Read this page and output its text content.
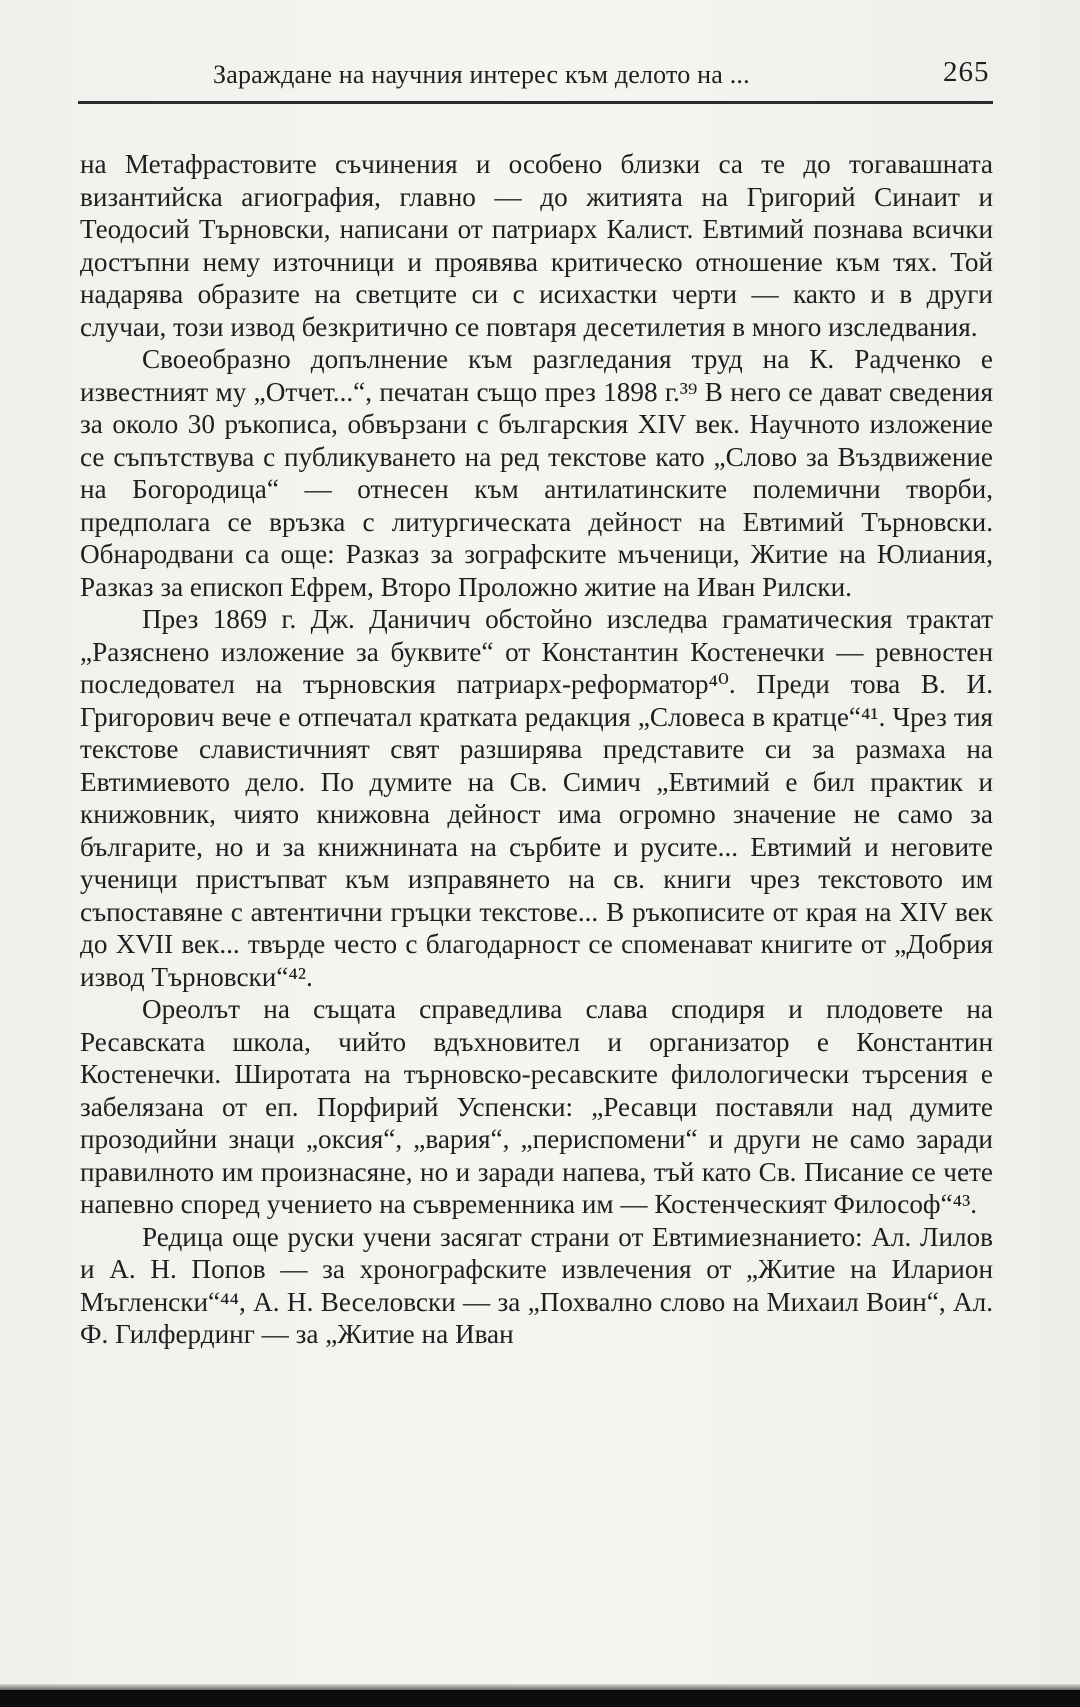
Зараждане на научния интерес към делото на ...	265

на Метафрастовите съчинения и особено близки са те до тогавашната византийска агиография, главно — до житията на Григорий Синаит и Теодосий Търновски, написани от патриарх Калист. Евтимий познава всички достъпни нему източници и проявява критическо отношение към тях. Той надарява образите на светците си с исихастки черти — както и в други случаи, този извод безкритично се повтаря десетилетия в много изследвания.

Своеобразно допълнение към разгледания труд на К. Радченко е известният му „Отчет...“, печатан също през 1898 г.³⁹ В него се дават сведения за около 30 ръкописа, обвързани с българския XIV век. Научното изложение се съпътствува с публикуването на ред текстове като „Слово за Въздвижение на Богородица“ — отнесен към антилатинските полемични творби, предполага се връзка с литургическата дейност на Евтимий Търновски. Обнародвани са още: Разказ за зографските мъченици, Житие на Юлиания, Разказ за епископ Ефрем, Второ Проложно житие на Иван Рилски.

През 1869 г. Дж. Даничич обстойно изследва граматическия трактат „Разяснено изложение за буквите“ от Константин Костенечки — ревностен последовател на търновския патриарх-реформатор⁴⁰. Преди това В. И. Григорович вече е отпечатал кратката редакция „Словеса в кратце“⁴¹. Чрез тия текстове славистичният свят разширява представите си за размаха на Евтимиевото дело. По думите на Св. Симич „Евтимий е бил практик и книжовник, чиято книжовна дейност има огромно значение не само за българите, но и за книжнината на сърбите и русите... Евтимий и неговите ученици пристъпват към изправянето на св. книги чрез текстовото им съпоставяне с автентични гръцки текстове... В ръкописите от края на XIV век до XVII век... твърде често с благодарност се споменават книгите от „Добрия извод Търновски“⁴².

Ореолът на същата справедлива слава сподиря и плодовете на Ресавската школа, чийто вдъхновител и организатор е Константин Костенечки. Широтата на търновско-ресавските филологически търсения е забелязана от еп. Порфирий Успенски: „Ресавци поставяли над думите прозодийни знаци „оксия“, „вария“, „периспомени“ и други не само заради правилното им произнасяне, но и заради напева, тъй като Св. Писание се чете напевно според учението на съвременника им — Костенческият Философ“⁴³.

Редица още руски учени засягат страни от Евтимиезнанието: Ал. Лилов и А. Н. Попов — за хронографските извлечения от „Житие на Иларион Мъгленски“⁴⁴, А. Н. Веселовски — за „Похвално слово на Михаил Воин“, Ал. Ф. Гилфердинг — за „Житие на Иван
